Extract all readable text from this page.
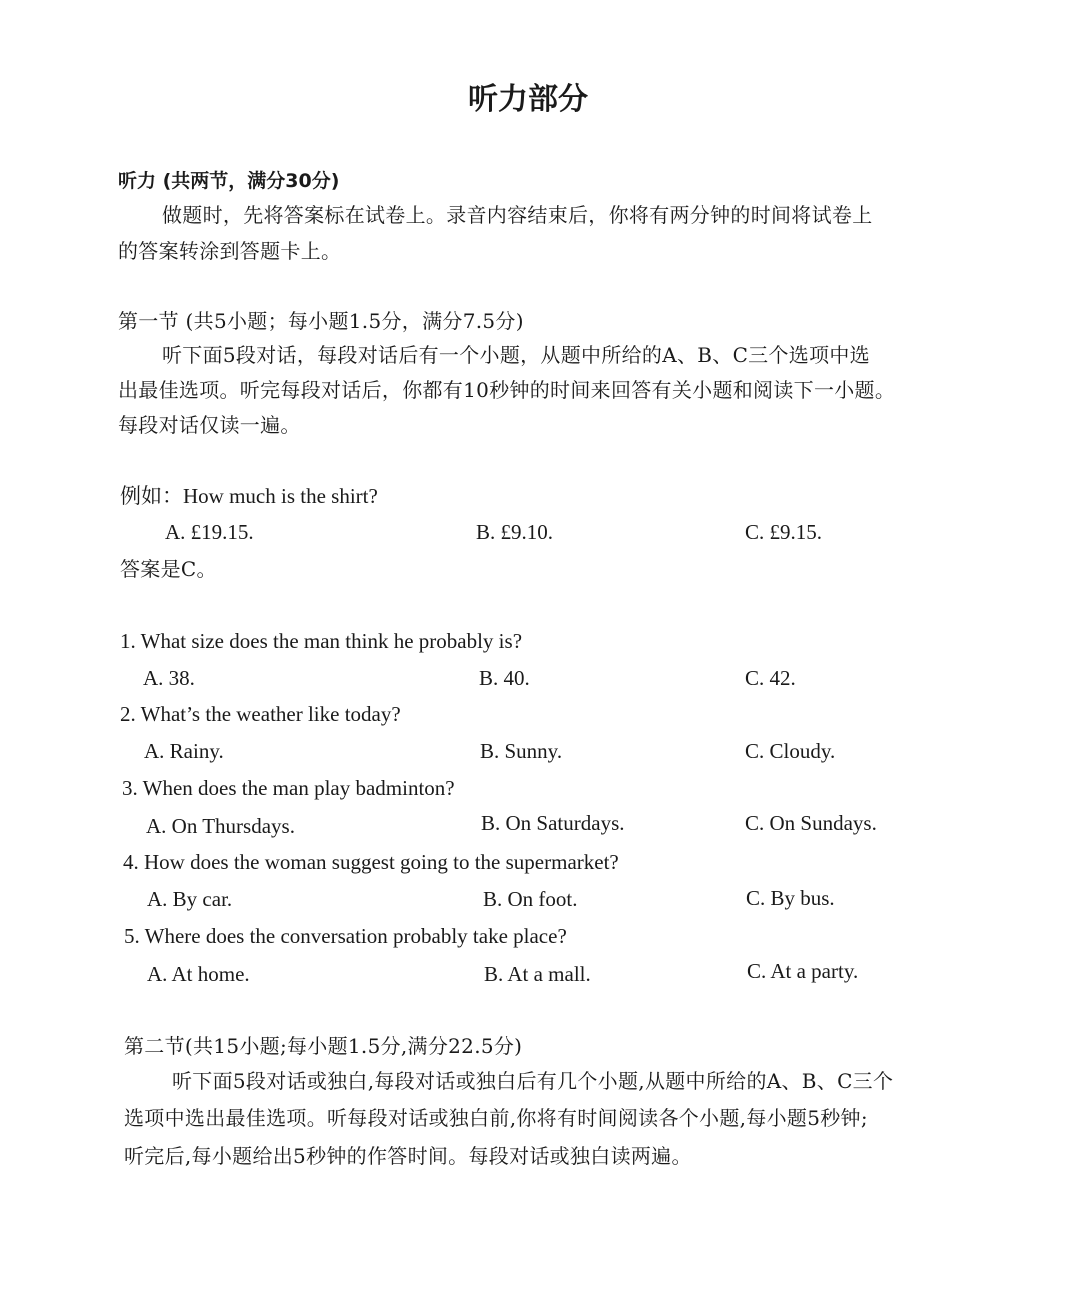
听力部分
听力 (共两节，满分30分)
做题时，先将答案标在试卷上。录音内容结束后，你将有两分钟的时间将试卷上
的答案转涂到答题卡上。
第一节 (共5小题；每小题1.5分，满分7.5分)
听下面5段对话，每段对话后有一个小题，从题中所给的A、B、C三个选项中选
出最佳选项。听完每段对话后，你都有10秒钟的时间来回答有关小题和阅读下一小题。
每段对话仅读一遍。
例如：How much is the shirt?
A. £19.15.	B. £9.10.	C. £9.15.
答案是C。
1. What size does the man think he probably is?
A. 38.	B. 40.	C. 42.
2. What’s the weather like today?
A. Rainy.	B. Sunny.	C. Cloudy.
3. When does the man play badminton?
A. On Thursdays.	B. On Saturdays.	C. On Sundays.
4. How does the woman suggest going to the supermarket?
A. By car.	B. On foot.	C. By bus.
5. Where does the conversation probably take place?
A. At home.	B. At a mall.	C. At a party.
第二节(共15小题;每小题1.5分,满分22.5分)
听下面5段对话或独白,每段对话或独白后有几个小题,从题中所给的A、B、C三个
选项中选出最佳选项。听每段对话或独白前,你将有时间阅读各个小题,每小题5秒钟;
听完后,每小题给出5秒钟的作答时间。每段对话或独白读两遍。
